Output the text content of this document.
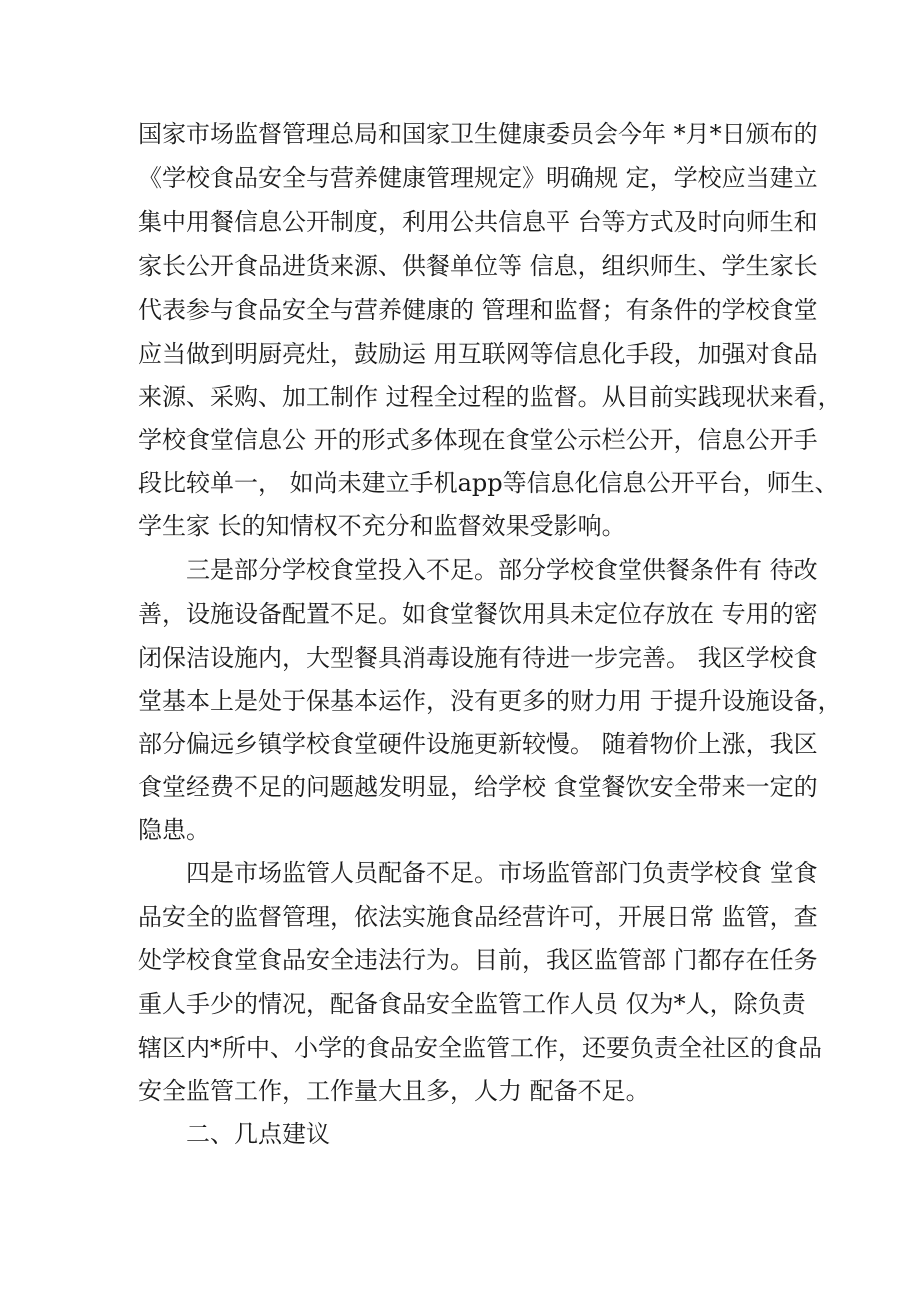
国家市场监督管理总局和国家卫生健康委员会今年 *月*日颁布的
《学校食品安全与营养健康管理规定》明确规 定，学校应当建立
集中用餐信息公开制度，利用公共信息平 台等方式及时向师生和
家长公开食品进货来源、供餐单位等 信息，组织师生、学生家长
代表参与食品安全与营养健康的 管理和监督；有条件的学校食堂
应当做到明厨亮灶，鼓励运 用互联网等信息化手段，加强对食品
来源、采购、加工制作 过程全过程的监督。从目前实践现状来看，
学校食堂信息公 开的形式多体现在食堂公示栏公开，信息公开手
段比较单一， 如尚未建立手机app等信息化信息公开平台，师生、
学生家 长的知情权不充分和监督效果受影响。
三是部分学校食堂投入不足。部分学校食堂供餐条件有 待改
善，设施设备配置不足。如食堂餐饮用具未定位存放在 专用的密
闭保洁设施内，大型餐具消毒设施有待进一步完善。 我区学校食
堂基本上是处于保基本运作，没有更多的财力用 于提升设施设备，
部分偏远乡镇学校食堂硬件设施更新较慢。 随着物价上涨，我区
食堂经费不足的问题越发明显，给学校 食堂餐饮安全带来一定的
隐患。
四是市场监管人员配备不足。市场监管部门负责学校食 堂食
品安全的监督管理，依法实施食品经营许可，开展日常 监管，查
处学校食堂食品安全违法行为。目前，我区监管部 门都存在任务
重人手少的情况，配备食品安全监管工作人员 仅为*人，除负责
辖区内*所中、小学的食品安全监管工作，还要负责全社区的食品
安全监管工作，工作量大且多，人力 配备不足。
二、几点建议
